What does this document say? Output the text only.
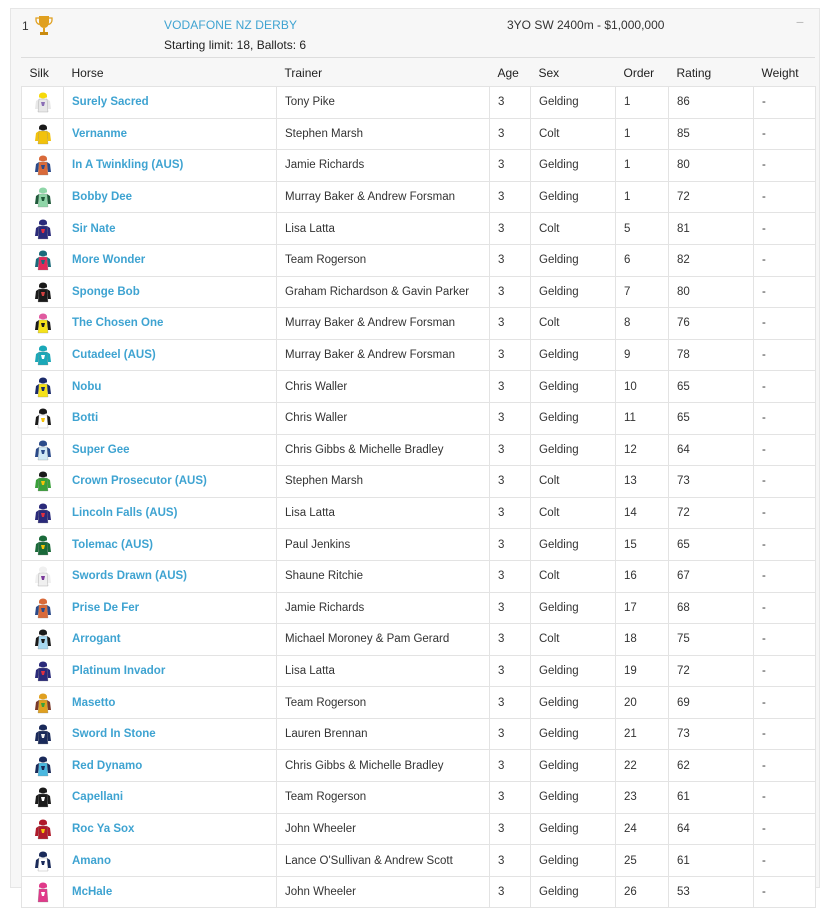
1	VODAFONE NZ DERBY
Starting limit: 18, Ballots: 6
3YO SW 2400m - $1,000,000	−
Silk	Horse	Trainer	Age	Sex	Order	Rating	Weight

	Surely Sacred	Tony Pike	3	Gelding	1	86	-

	Vernanme	Stephen Marsh	3	Colt	1	85	-

	In A Twinkling (AUS)	Jamie Richards	3	Gelding	1	80	-

	Bobby Dee	Murray Baker & Andrew Forsman	3	Gelding	1	72	-

	Sir Nate	Lisa Latta	3	Colt	5	81	-

	More Wonder	Team Rogerson	3	Gelding	6	82	-

	Sponge Bob	Graham Richardson & Gavin Parker	3	Gelding	7	80	-

	The Chosen One	Murray Baker & Andrew Forsman	3	Colt	8	76	-

	Cutadeel (AUS)	Murray Baker & Andrew Forsman	3	Gelding	9	78	-

	Nobu	Chris Waller	3	Gelding	10	65	-

	Botti	Chris Waller	3	Gelding	11	65	-

	Super Gee	Chris Gibbs & Michelle Bradley	3	Gelding	12	64	-

	Crown Prosecutor (AUS)	Stephen Marsh	3	Colt	13	73	-

	Lincoln Falls (AUS)	Lisa Latta	3	Colt	14	72	-

	Tolemac (AUS)	Paul Jenkins	3	Gelding	15	65	-

	Swords Drawn (AUS)	Shaune Ritchie	3	Colt	16	67	-

	Prise De Fer	Jamie Richards	3	Gelding	17	68	-

	Arrogant	Michael Moroney & Pam Gerard	3	Colt	18	75	-

	Platinum Invador	Lisa Latta	3	Gelding	19	72	-

	Masetto	Team Rogerson	3	Gelding	20	69	-

	Sword In Stone	Lauren Brennan	3	Gelding	21	73	-

	Red Dynamo	Chris Gibbs & Michelle Bradley	3	Gelding	22	62	-

	Capellani	Team Rogerson	3	Gelding	23	61	-

	Roc Ya Sox	John Wheeler	3	Gelding	24	64	-

	Amano	Lance O'Sullivan & Andrew Scott	3	Gelding	25	61	-

	McHale	John Wheeler	3	Gelding	26	53	-
